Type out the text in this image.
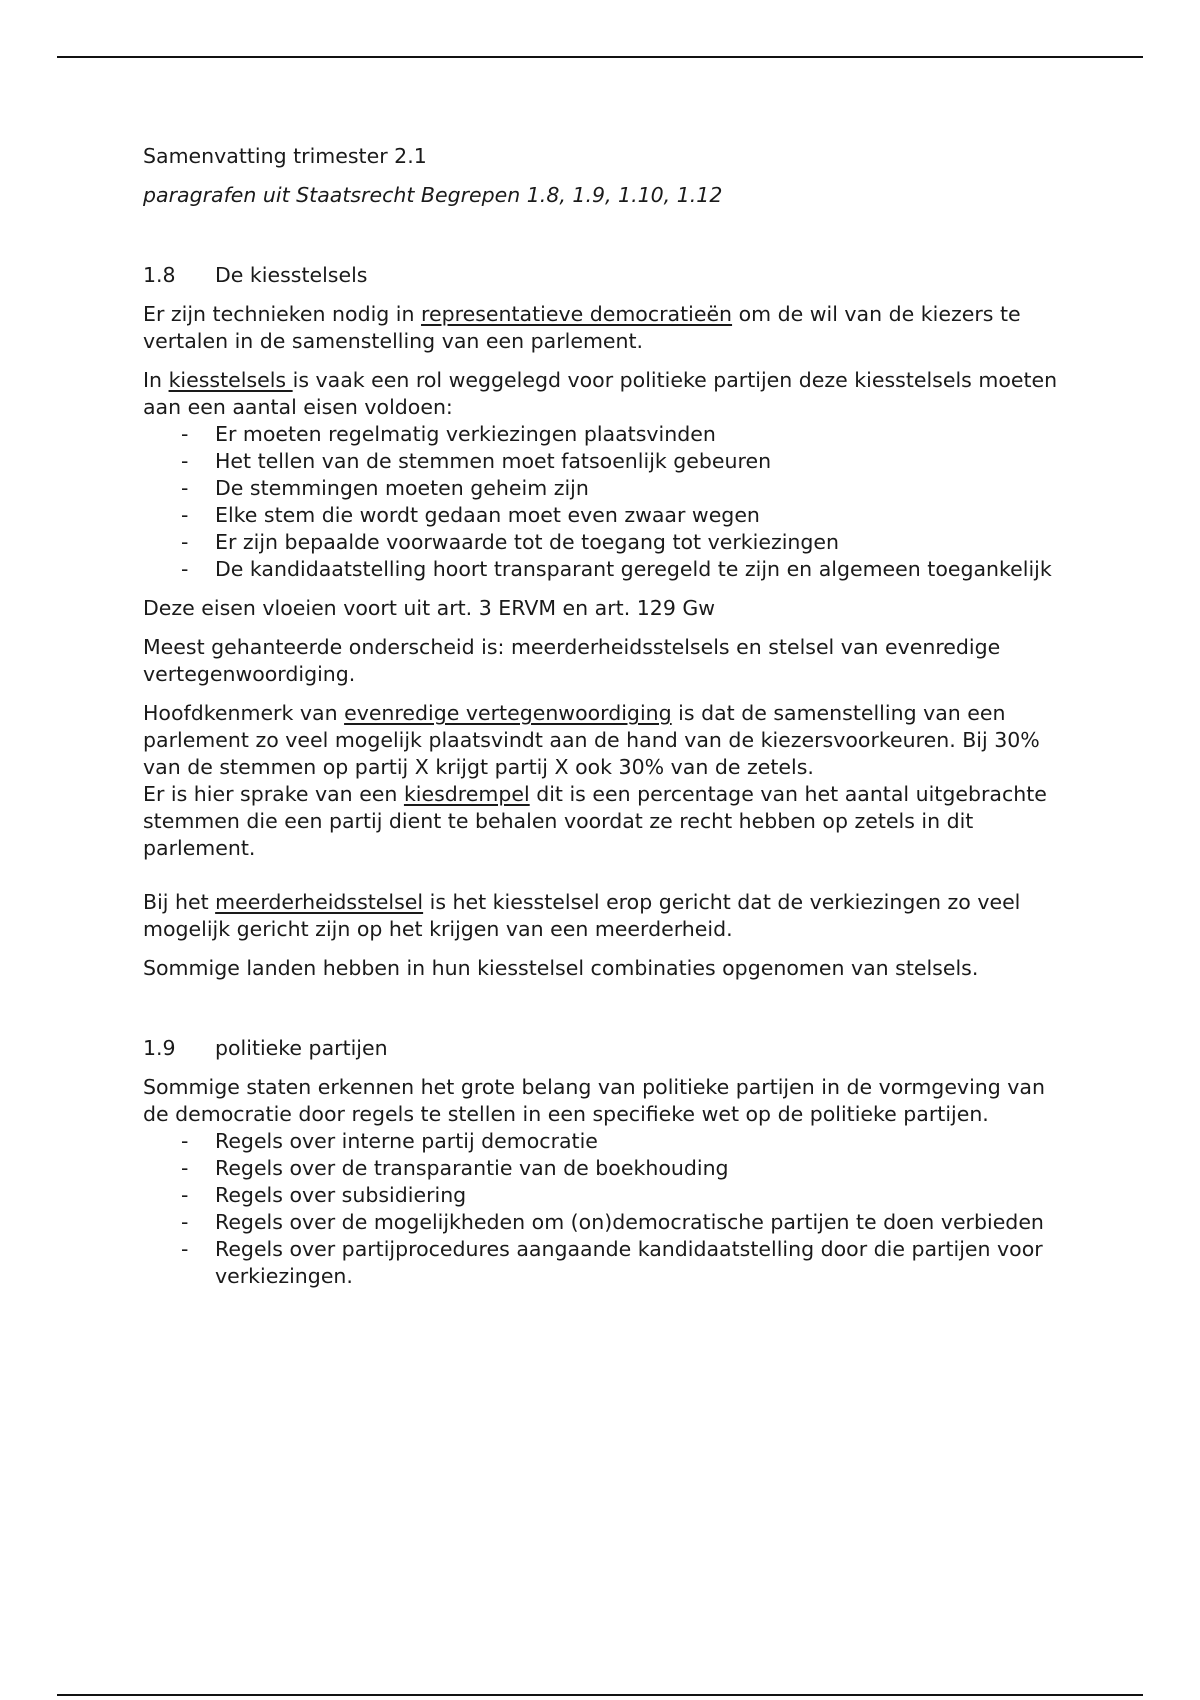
Samenvatting trimester 2.1

paragrafen uit Staatsrecht Begrepen 1.8, 1.9, 1.10, 1.12

1.8	De kiesstelsels

Er zijn technieken nodig in representatieve democratieën om de wil van de kiezers te vertalen in de samenstelling van een parlement.

In kiesstelsels is vaak een rol weggelegd voor politieke partijen deze kiesstelsels moeten aan een aantal eisen voldoen:

- Er moeten regelmatig verkiezingen plaatsvinden
- Het tellen van de stemmen moet fatsoenlijk gebeuren
- De stemmingen moeten geheim zijn
- Elke stem die wordt gedaan moet even zwaar wegen
- Er zijn bepaalde voorwaarde tot de toegang tot verkiezingen
- De kandidaatstelling hoort transparant geregeld te zijn en algemeen toegankelijk

Deze eisen vloeien voort uit art. 3 ERVM en art. 129 Gw

Meest gehanteerde onderscheid is: meerderheidsstelsels en stelsel van evenredige vertegenwoordiging.

Hoofdkenmerk van evenredige vertegenwoordiging is dat de samenstelling van een parlement zo veel mogelijk plaatsvindt aan de hand van de kiezersvoorkeuren. Bij 30% van de stemmen op partij X krijgt partij X ook 30% van de zetels.

Er is hier sprake van een kiesdrempel dit is een percentage van het aantal uitgebrachte stemmen die een partij dient te behalen voordat ze recht hebben op zetels in dit parlement.

Bij het meerderheidsstelsel is het kiesstelsel erop gericht dat de verkiezingen zo veel mogelijk gericht zijn op het krijgen van een meerderheid.

Sommige landen hebben in hun kiesstelsel combinaties opgenomen van stelsels.

1.9	politieke partijen

Sommige staten erkennen het grote belang van politieke partijen in de vormgeving van de democratie door regels te stellen in een specifieke wet op de politieke partijen.

- Regels over interne partij democratie
- Regels over de transparantie van de boekhouding
- Regels over subsidiering
- Regels over de mogelijkheden om (on)democratische partijen te doen verbieden
- Regels over partijprocedures aangaande kandidaatstelling door die partijen voor verkiezingen.
